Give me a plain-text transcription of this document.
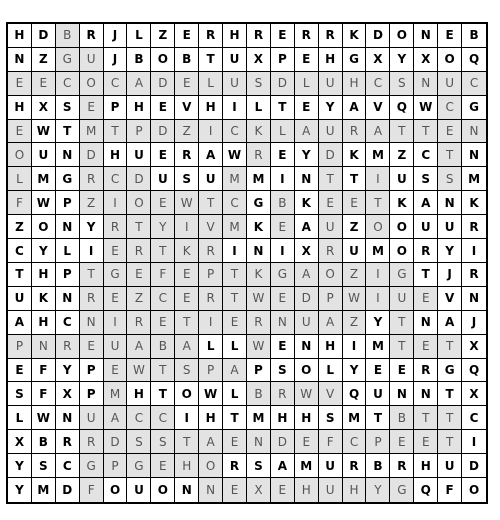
H	D	B	R	J	L	Z	E	R	H	R	E	R	R	K	D	O	N	E	B
N	Z	G	U	J	B	O	B	T	U	X	P	E	H	G	X	Y	X	O	Q
E	E	C	O	C	A	D	E	L	U	S	D	L	U	H	C	S	N	U	C
H	X	S	E	P	H	E	V	H	I	L	T	E	Y	A	V	Q	W	C	G
E	W	T	M	T	P	D	Z	I	C	K	L	A	U	R	A	T	T	E	N
O	U	N	D	H	U	E	R	A	W	R	E	Y	D	K	M	Z	C	T	N
L	M	G	R	C	D	U	S	U	M	M	I	N	T	T	I	U	S	S	M
F	W	P	Z	I	O	E	W	T	C	G	B	K	E	E	T	K	A	N	K
Z	O	N	Y	R	T	Y	I	V	M	K	E	A	U	Z	O	O	U	U	R
C	Y	L	I	E	R	T	K	R	I	N	I	X	R	U	M	O	R	Y	I
T	H	P	T	G	E	F	E	P	T	K	G	A	O	Z	I	G	T	J	R
U	K	N	R	E	Z	C	E	R	T	W	E	D	P	W	I	U	E	V	N
A	H	C	N	I	R	E	T	I	E	R	N	U	A	Z	Y	T	N	A	J
P	N	R	E	U	A	B	A	L	L	W	E	N	H	I	M	T	E	T	X
E	F	Y	P	E	W	T	S	P	A	P	S	O	L	Y	E	E	R	G	Q
S	F	X	P	M	H	T	O	W	L	B	R	W	V	Q	U	N	N	T	X
L	W	N	U	A	C	C	I	H	T	M	H	H	S	M	T	B	T	T	C
X	B	R	R	D	S	S	T	A	E	N	D	E	F	C	P	E	E	T	I
Y	S	C	G	P	G	E	H	O	R	S	A	M	U	R	B	R	H	U	D
Y	M	D	F	O	U	O	N	N	E	X	E	H	U	H	Y	G	Q	F	O
